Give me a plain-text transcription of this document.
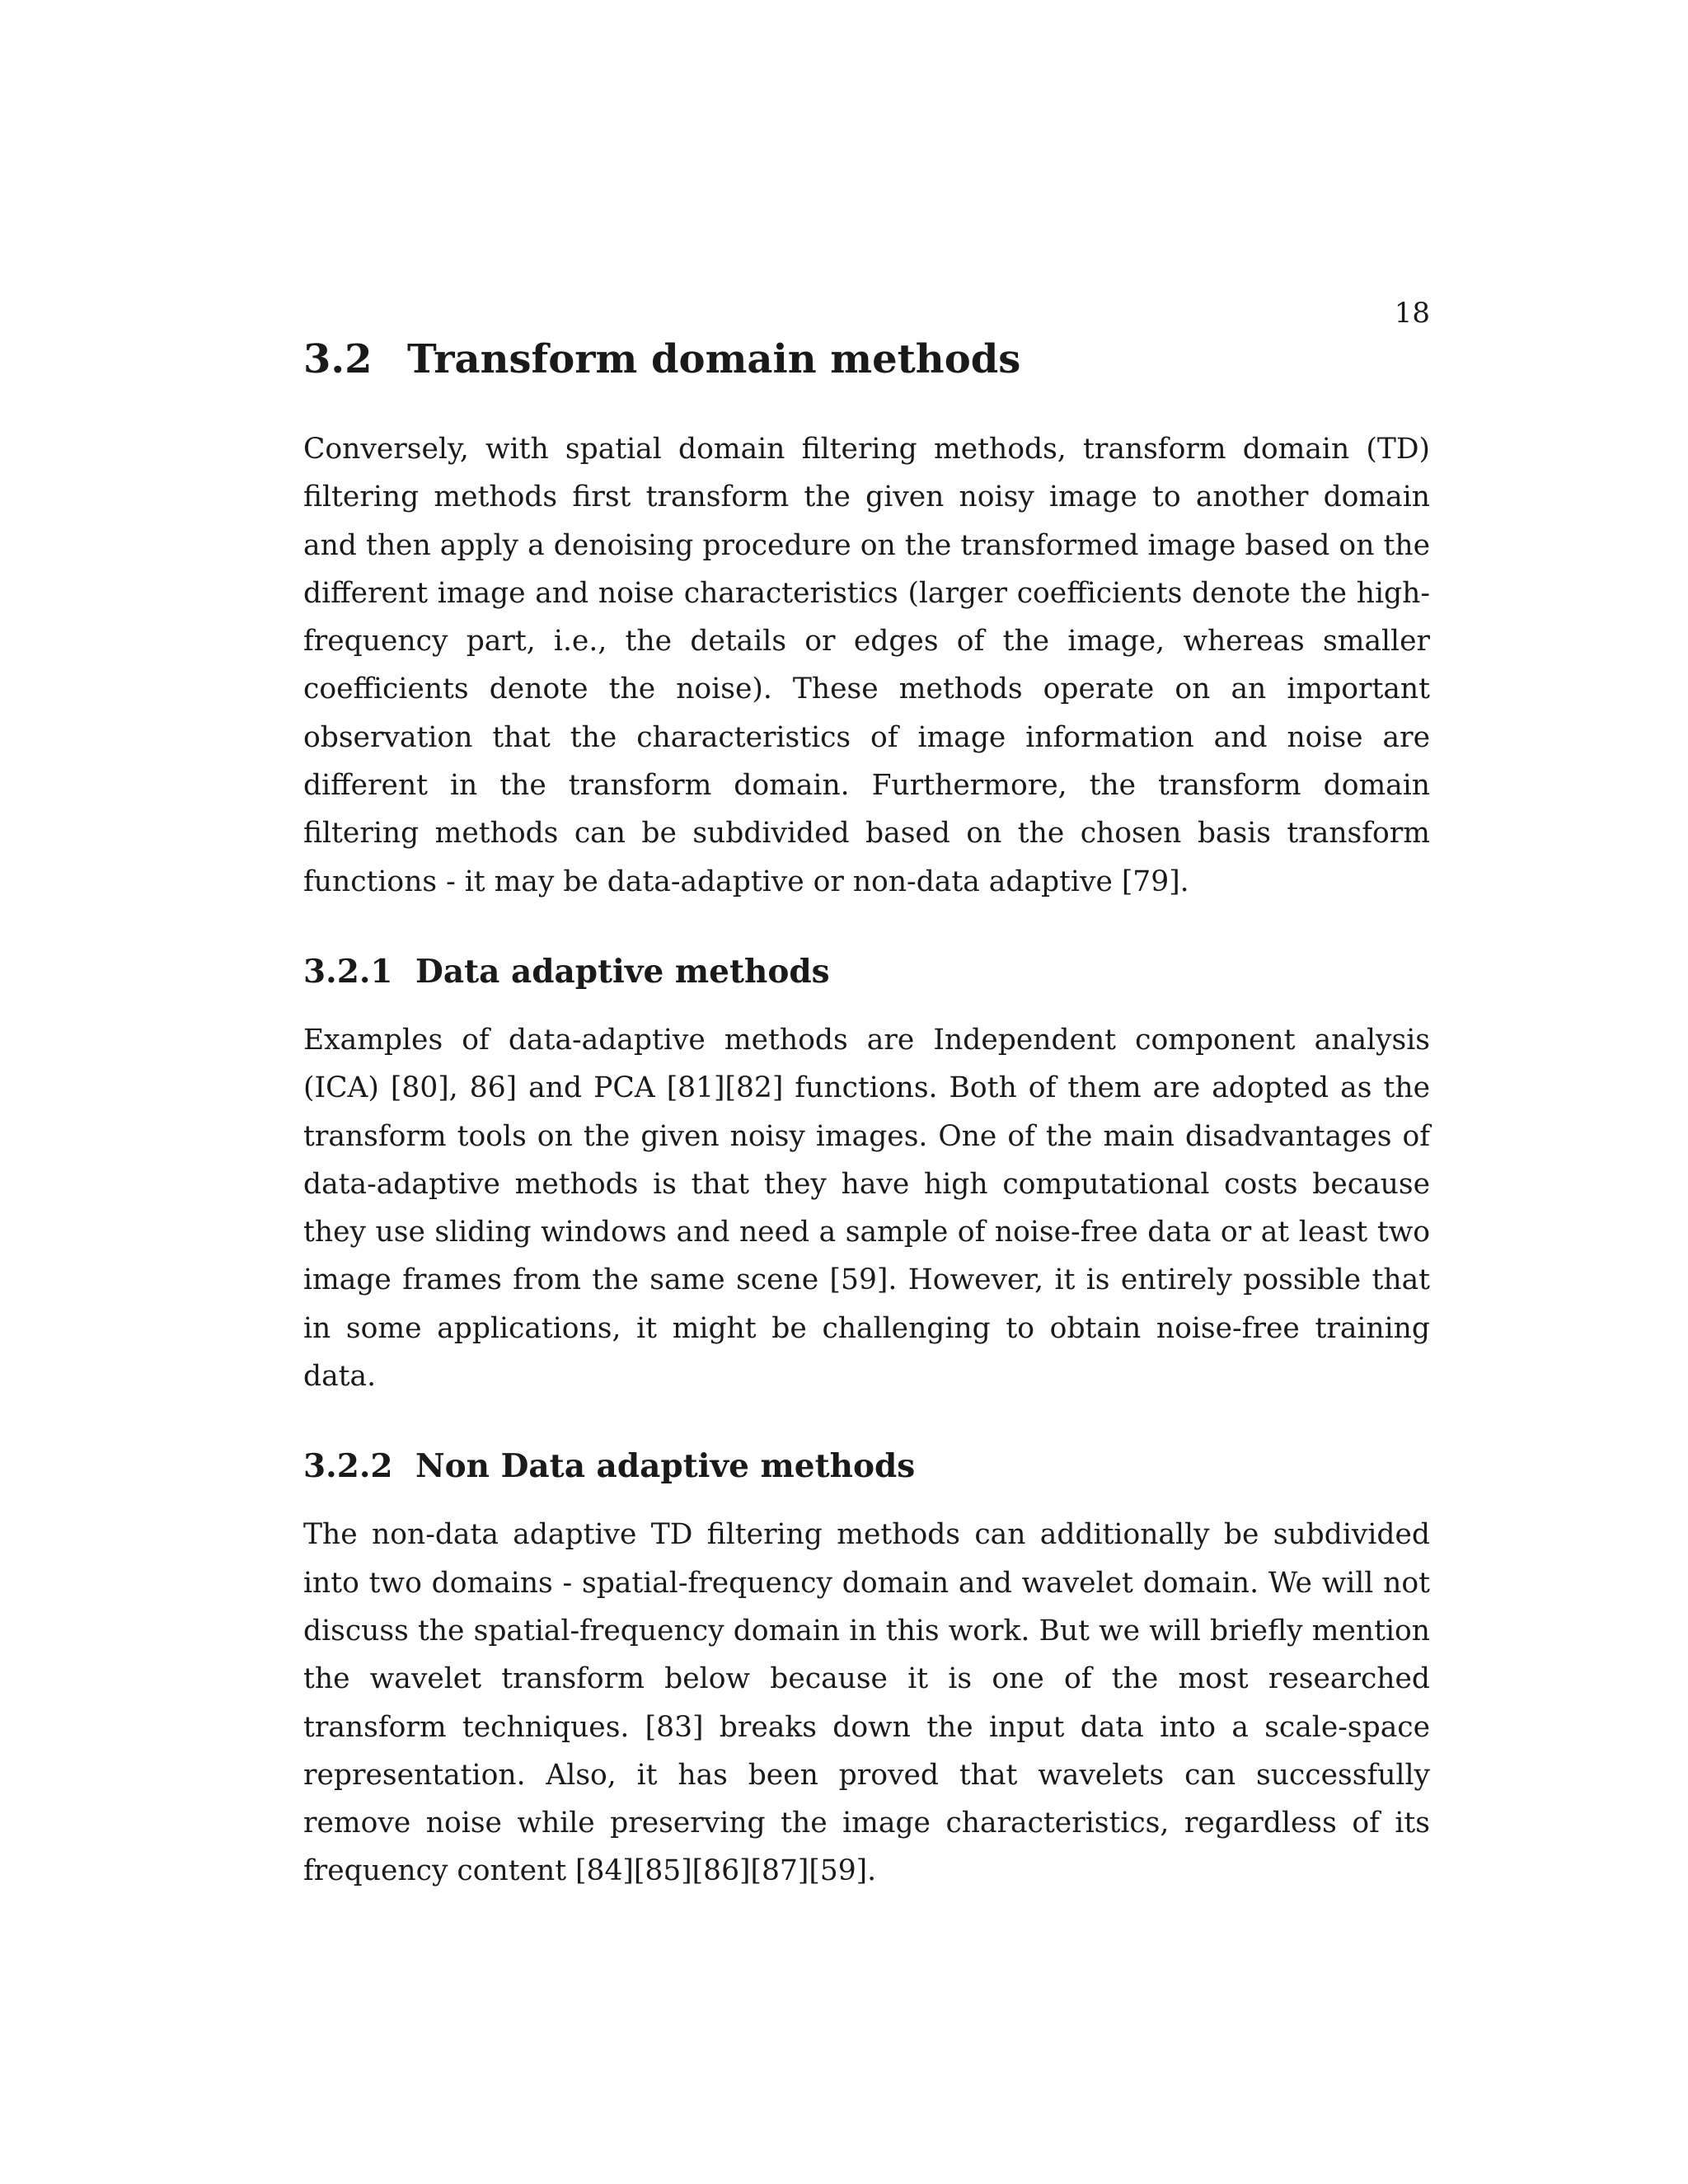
18
3.2 Transform domain methods

Conversely, with spatial domain filtering methods, transform domain (TD) filtering methods first transform the given noisy image to another domain and then apply a denoising procedure on the transformed image based on the different image and noise characteristics (larger coefficients denote the high-frequency part, i.e., the details or edges of the image, whereas smaller coefficients denote the noise). These methods operate on an important observation that the characteristics of image information and noise are different in the transform domain. Furthermore, the transform domain filtering methods can be subdivided based on the chosen basis transform functions - it may be data-adaptive or non-data adaptive [79].

3.2.1 Data adaptive methods

Examples of data-adaptive methods are Independent component analysis (ICA) [80], 86] and PCA [81][82] functions. Both of them are adopted as the transform tools on the given noisy images. One of the main disadvantages of data-adaptive methods is that they have high computational costs because they use sliding windows and need a sample of noise-free data or at least two image frames from the same scene [59]. However, it is entirely possible that in some applications, it might be challenging to obtain noise-free training data.

3.2.2 Non Data adaptive methods

The non-data adaptive TD filtering methods can additionally be subdivided into two domains - spatial-frequency domain and wavelet domain. We will not discuss the spatial-frequency domain in this work. But we will briefly mention the wavelet transform below because it is one of the most researched transform techniques. [83] breaks down the input data into a scale-space representation. Also, it has been proved that wavelets can successfully remove noise while preserving the image characteristics, regardless of its frequency content [84][85][86][87][59].
